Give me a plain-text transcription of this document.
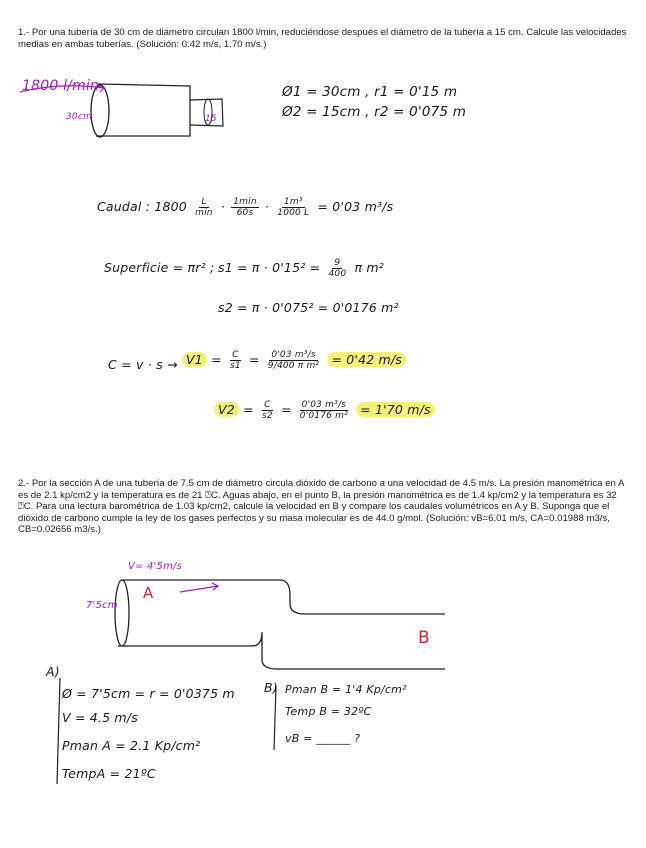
1.- Por una tubería de 30 cm de diámetro circulan 1800 l/min, reduciéndose después el diámetro de la tubería a 15 cm. Calcule las velocidades medias en ambas tuberías. (Solución: 0.42 m/s, 1.70 m/s.)
1800 l/min
30cm	15
Ø1 = 30cm , r1 = 0'15 m
Ø2 = 15cm , r2 = 0'075 m
Caudal : $1800 \frac{L}{\min} \cdot \frac{1\min}{60s} \cdot \frac{\text{1m³}}{1000 L} = 0'03$ m³/s
Superficie = πr² ; $s1 = \pi \cdot 0'15^2 = \frac{9}{400}$ π m²
s2 = π · 0'075² = 0'0176 m²
$C = v \cdot s \to V1 = \frac{C}{s1} = \frac{\text{0'03 m³/s}}{\text{9/400 π m²}} = 0'42$ m/s
$V2 = \frac{C}{s2} = \frac{\text{0'03 m³/s}}{\text{0'0176 m²}} = 1'70$ m/s
2.- Por la sección A de una tubería de 7.5 cm de diámetro circula dióxido de carbono a una velocidad de 4.5 m/s. La presión manométrica en A es de 2.1 kp/cm2 y la temperatura es de 21 ⍰C. Aguas abajo, en el punto B, la presión manométrica es de 1.4 kp/cm2 y la temperatura es 32 ⍰C. Para una lectura barométrica de 1.03 kp/cm2, calcule la velocidad en B y compare los caudales volumétricos en A y B. Suponga que el dióxido de carbono cumple la ley de los gases perfectos y su masa molecular es de 44.0 g/mol. (Solución: vB=6.01 m/s, CA=0.01988 m3/s, CB=0.02656 m3/s.)
V= 4'5m/s
7'5cm
A
B
A)
Ø = 7'5cm = r = 0'0375 m
V = 4.5 m/s
Pman A = 2.1 Kp/cm²
TempA = 21ºC
B) Pman B = 1'4 Kp/cm²
Temp B = 32ºC
vB = ______ ?
